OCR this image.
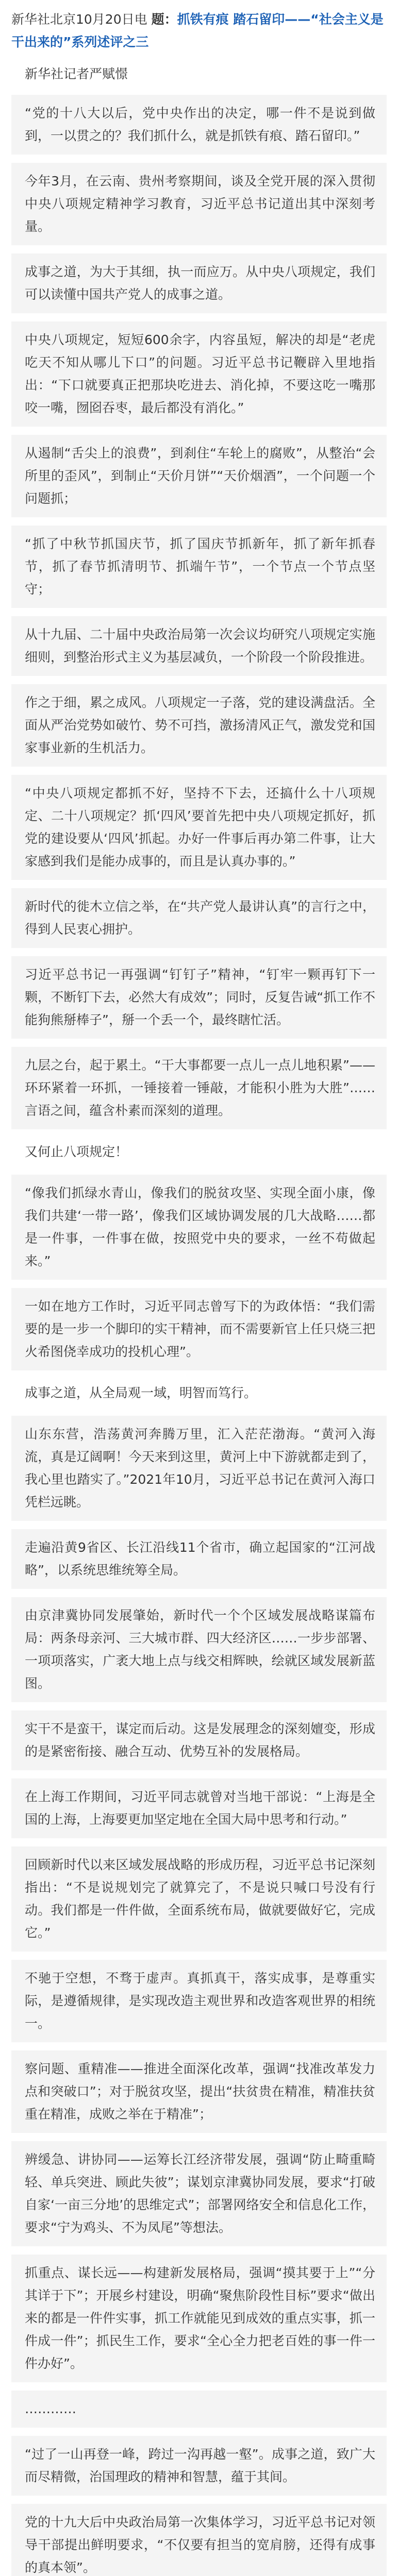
新华社北京10月20日电 题：抓铁有痕 踏石留印——“社会主义是干出来的”系列述评之三
新华社记者严赋憬

“党的十八大以后，党中央作出的决定，哪一件不是说到做到，一以贯之的？我们抓什么，就是抓铁有痕、踏石留印。”

今年3月，在云南、贵州考察期间，谈及全党开展的深入贯彻中央八项规定精神学习教育，习近平总书记道出其中深刻考量。

成事之道，为大于其细，执一而应万。从中央八项规定，我们可以读懂中国共产党人的成事之道。

中央八项规定，短短600余字，内容虽短，解决的却是“老虎吃天不知从哪儿下口”的问题。习近平总书记鞭辟入里地指出：“下口就要真正把那块吃进去、消化掉，不要这吃一嘴那咬一嘴，囫囵吞枣，最后都没有消化。”

从遏制“舌尖上的浪费”，到刹住“车轮上的腐败”，从整治“会所里的歪风”，到制止“天价月饼”“天价烟酒”，一个问题一个问题抓；

“抓了中秋节抓国庆节，抓了国庆节抓新年，抓了新年抓春节，抓了春节抓清明节、抓端午节”，一个节点一个节点坚守；

从十九届、二十届中央政治局第一次会议均研究八项规定实施细则，到整治形式主义为基层减负，一个阶段一个阶段推进。

作之于细，累之成风。八项规定一子落，党的建设满盘活。全面从严治党势如破竹、势不可挡，激扬清风正气，激发党和国家事业新的生机活力。

“中央八项规定都抓不好，坚持不下去，还搞什么十八项规定、二十八项规定？抓‘四风’要首先把中央八项规定抓好，抓党的建设要从‘四风’抓起。办好一件事后再办第二件事，让大家感到我们是能办成事的，而且是认真办事的。”

新时代的徙木立信之举，在“共产党人最讲认真”的言行之中，得到人民衷心拥护。

习近平总书记一再强调“钉钉子”精神，“钉牢一颗再钉下一颗，不断钉下去，必然大有成效”；同时，反复告诫“抓工作不能狗熊掰棒子”，掰一个丢一个，最终瞎忙活。

九层之台，起于累土。“干大事都要一点儿一点儿地积累”——环环紧着一环抓，一锤接着一锤敲，才能积小胜为大胜”……言语之间，蕴含朴素而深刻的道理。

又何止八项规定！

“像我们抓绿水青山，像我们的脱贫攻坚、实现全面小康，像我们共建‘一带一路’，像我们区域协调发展的几大战略……都是一件事，一件事在做，按照党中央的要求，一丝不苟做起来。”

一如在地方工作时，习近平同志曾写下的为政体悟：“我们需要的是一步一个脚印的实干精神，而不需要新官上任只烧三把火希图侥幸成功的投机心理”。

成事之道，从全局观一域，明智而笃行。

山东东营，浩荡黄河奔腾万里，汇入茫茫渤海。“黄河入海流，真是辽阔啊！今天来到这里，黄河上中下游就都走到了，我心里也踏实了。”2021年10月，习近平总书记在黄河入海口凭栏远眺。

走遍沿黄9省区、长江沿线11个省市，确立起国家的“江河战略”，以系统思维统筹全局。

由京津冀协同发展肇始，新时代一个个区域发展战略谋篇布局：两条母亲河、三大城市群、四大经济区……一步步部署、一项项落实，广袤大地上点与线交相辉映，绘就区域发展新蓝图。

实干不是蛮干，谋定而后动。这是发展理念的深刻嬗变，形成的是紧密衔接、融合互动、优势互补的发展格局。

在上海工作期间，习近平同志就曾对当地干部说：“上海是全国的上海，上海要更加坚定地在全国大局中思考和行动。”

回顾新时代以来区域发展战略的形成历程，习近平总书记深刻指出：“不是说规划完了就算完了，不是说只喊口号没有行动。我们都是一件件做，全面系统布局，做就要做好它，完成它。”

不驰于空想，不骛于虚声。真抓真干，落实成事，是尊重实际，是遵循规律，是实现改造主观世界和改造客观世界的相统一。

察问题、重精准——推进全面深化改革，强调“找准改革发力点和突破口”；对于脱贫攻坚，提出“扶贫贵在精准，精准扶贫重在精准，成败之举在于精准”；

辨缓急、讲协同——运筹长江经济带发展，强调“防止畸重畸轻、单兵突进、顾此失彼”；谋划京津冀协同发展，要求“打破自家‘一亩三分地’的思维定式”；部署网络安全和信息化工作，要求“宁为鸡头、不为凤尾”等想法。

抓重点、谋长远——构建新发展格局，强调“摸其要于上”“分其详于下”；开展乡村建设，明确“聚焦阶段性目标”要求“做出来的都是一件件实事，抓工作就能见到成效的重点实事，抓一件成一件”；抓民生工作，要求“全心全力把老百姓的事一件一件办好”。

…………

“过了一山再登一峰，跨过一沟再越一壑”。成事之道，致广大而尽精微，治国理政的精神和智慧，蕴于其间。

党的十九大后中央政治局第一次集体学习，习近平总书记对领导干部提出鲜明要求，“不仅要有担当的宽肩膀，还得有成事的真本领”。
